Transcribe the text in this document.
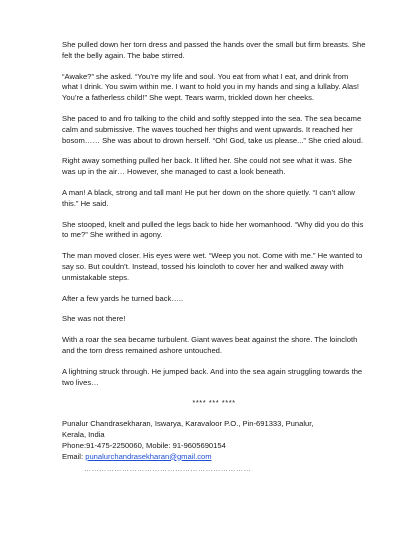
She pulled down her torn dress and passed the hands over the small but firm breasts. She felt the belly again. The babe stirred.

“Awake?” she asked. “You’re my life and soul. You eat from what I eat, and drink from what I drink. You swim within me. I want to hold you in my hands and sing a lullaby. Alas! You’re a fatherless child!” She wept. Tears warm, trickled down her cheeks.

She paced to and fro talking to the child and softly stepped into the sea. The sea became calm and submissive. The waves touched her thighs and went upwards. It reached her bosom…… She was about to drown herself. “Oh! God, take us please...” She cried aloud.

Right away something pulled her back. It lifted her. She could not see what it was. She was up in the air… However, she managed to cast a look beneath.

A man! A black, strong and tall man! He put her down on the shore quietly. “I can’t allow this.” He said.

She stooped, knelt and pulled the legs back to hide her womanhood. “Why did you do this to me?” She writhed in agony.

The man moved closer. His eyes were wet. “Weep you not. Come with me.” He wanted to say so. But couldn’t. Instead, tossed his loincloth to cover her and walked away with unmistakable steps.

After a few yards he turned back…..

She was not there!

With a roar the sea became turbulent. Giant waves beat against the shore. The loincloth and the torn dress remained ashore untouched.

A lightning struck through. He jumped back. And into the sea again struggling towards the two lives…

**** *** ****
Punalur Chandrasekharan, Iswarya, Karavaloor P.O., Pin-691333, Punalur,
Kerala, India
Phone:91-475-2250060, Mobile: 91-9605690154
Email: punalurchandrasekharan@gmail.com
…………………………………………………………
